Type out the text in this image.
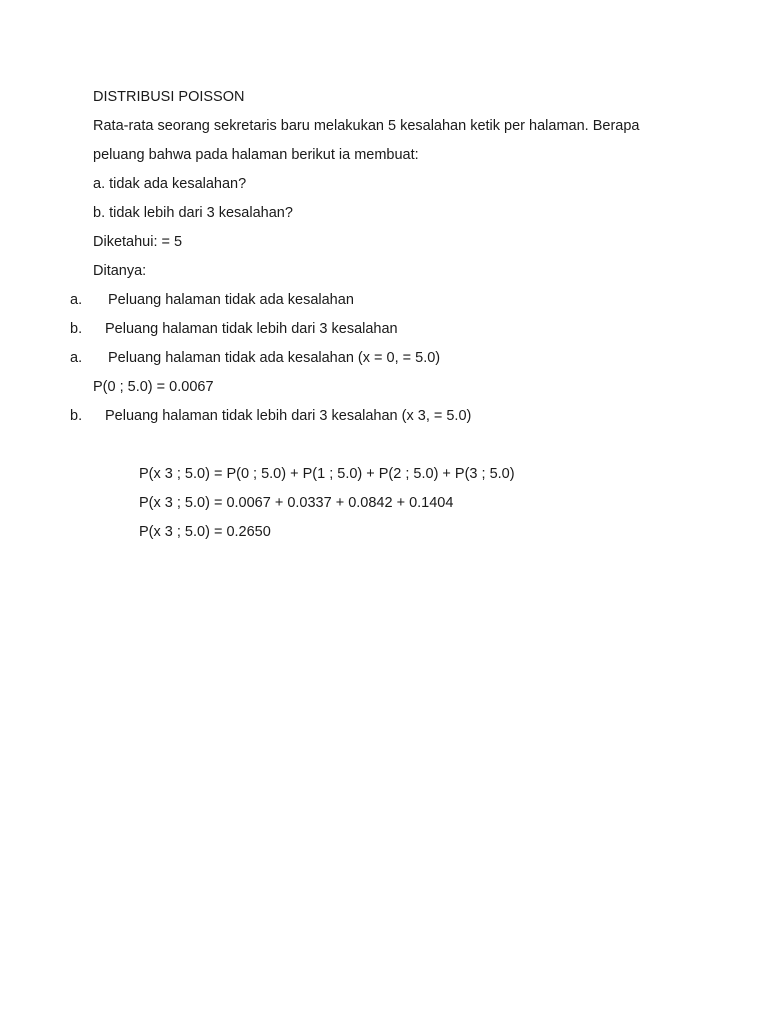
DISTRIBUSI POISSON
Rata-rata seorang sekretaris baru melakukan 5 kesalahan ketik per halaman. Berapa
peluang bahwa pada halaman berikut ia membuat:
a. tidak ada kesalahan?
b. tidak lebih dari 3 kesalahan?
Diketahui: = 5
Ditanya:
a. Peluang halaman tidak ada kesalahan
b. Peluang halaman tidak lebih dari 3 kesalahan
a. Peluang halaman tidak ada kesalahan (x = 0, = 5.0)
P(0 ; 5.0) = 0.0067
b. Peluang halaman tidak lebih dari 3 kesalahan (x 3, = 5.0)
P(x 3 ; 5.0) = P(0 ; 5.0) + P(1 ; 5.0) + P(2 ; 5.0) + P(3 ; 5.0)
P(x 3 ; 5.0) = 0.0067 + 0.0337 + 0.0842 + 0.1404
P(x 3 ; 5.0) = 0.2650
